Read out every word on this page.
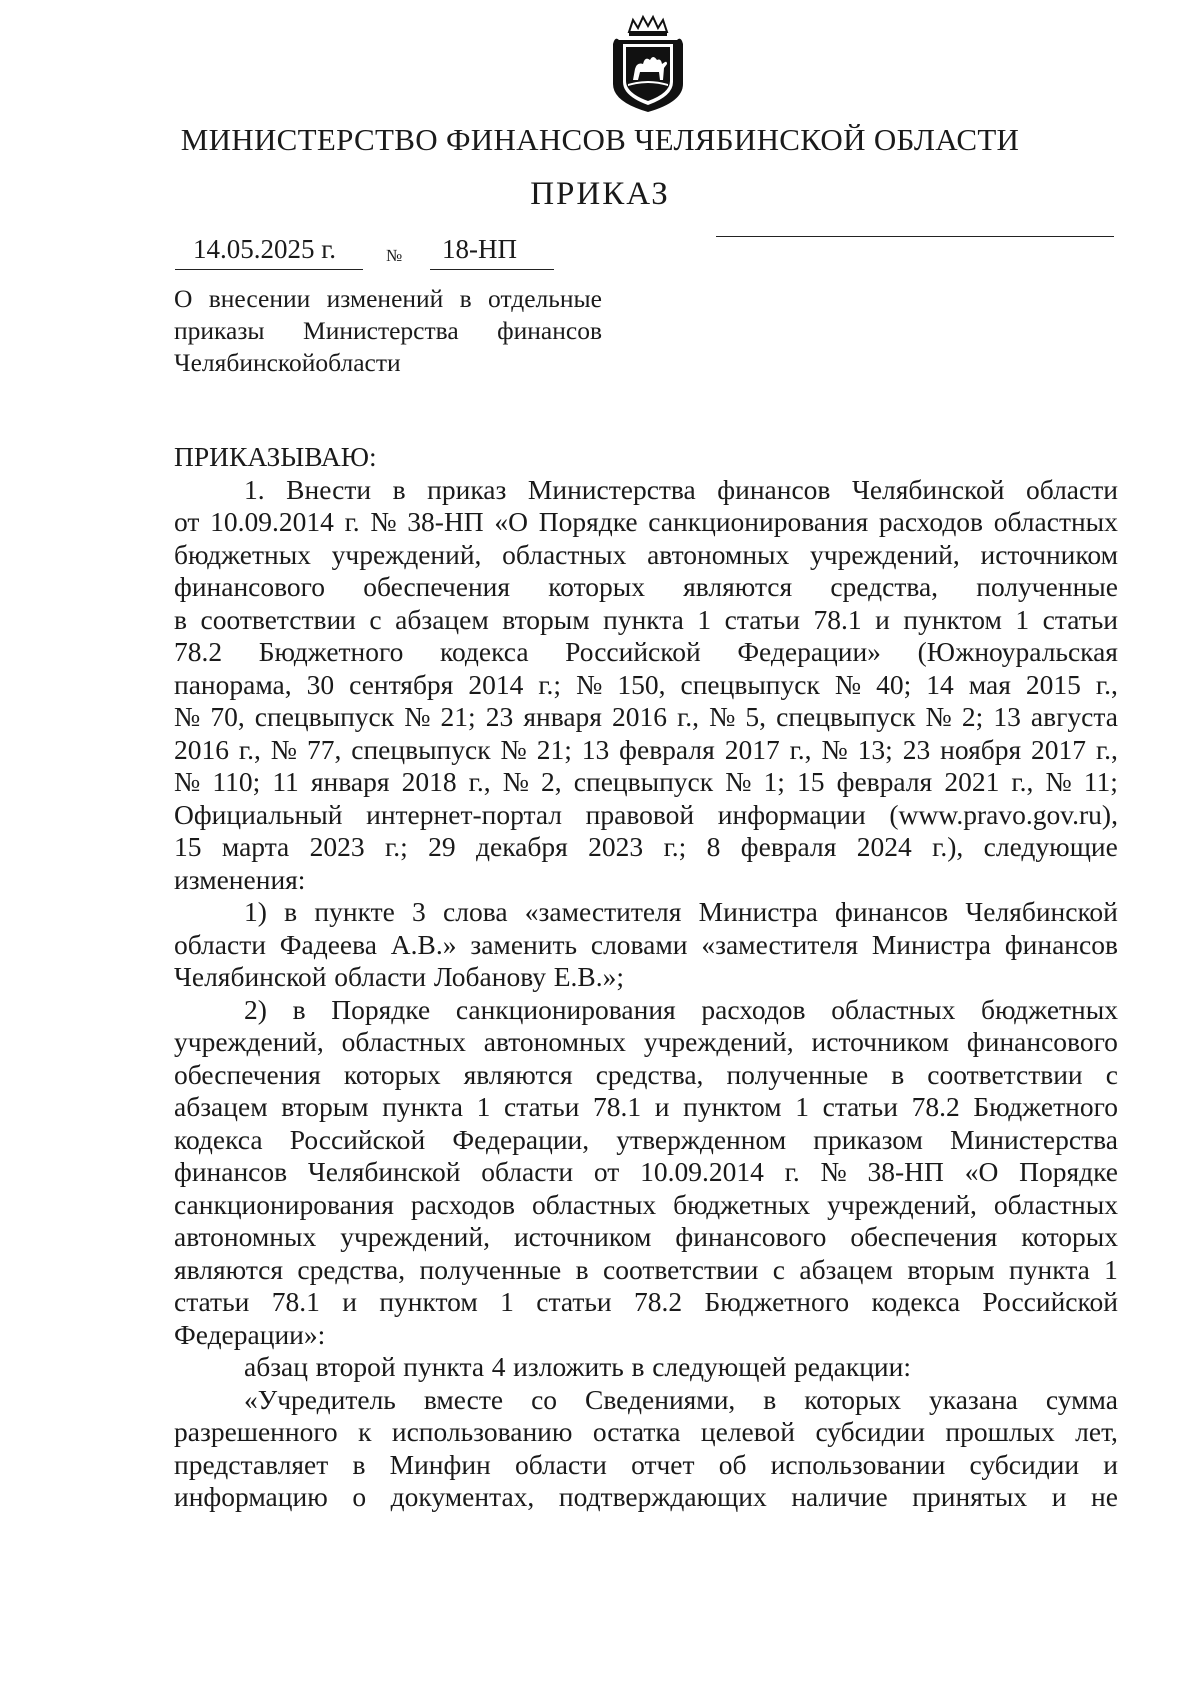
МИНИСТЕРСТВО ФИНАНСОВ ЧЕЛЯБИНСКОЙ ОБЛАСТИ
ПРИКАЗ
14.05.2025 г.	№ 18-НП
О внесении изменений в отдельные
приказы Министерства финансов
Челябинской области
ПРИКАЗЫВАЮ:
1. Внести в приказ Министерства финансов Челябинской области
от 10.09.2014 г. № 38-НП «О Порядке санкционирования расходов областных
бюджетных учреждений, областных автономных учреждений, источником
финансового обеспечения которых являются средства, полученные
в соответствии с абзацем вторым пункта 1 статьи 78.1 и пунктом 1 статьи
78.2 Бюджетного кодекса Российской Федерации» (Южноуральская
панорама, 30 сентября 2014 г.; № 150, спецвыпуск № 40; 14 мая 2015 г.,
№ 70, спецвыпуск № 21; 23 января 2016 г., № 5, спецвыпуск № 2; 13 августа
2016 г., № 77, спецвыпуск № 21; 13 февраля 2017 г., № 13; 23 ноября 2017 г.,
№ 110; 11 января 2018 г., № 2, спецвыпуск № 1; 15 февраля 2021 г., № 11;
Официальный интернет-портал правовой информации (www.pravo.gov.ru),
15 марта 2023 г.; 29 декабря 2023 г.; 8 февраля 2024 г.), следующие
изменения:
1) в пункте 3 слова «заместителя Министра финансов Челябинской
области Фадеева А.В.» заменить словами «заместителя Министра финансов
Челябинской области Лобанову Е.В.»;
2) в Порядке санкционирования расходов областных бюджетных
учреждений, областных автономных учреждений, источником финансового
обеспечения которых являются средства, полученные в соответствии с
абзацем вторым пункта 1 статьи 78.1 и пунктом 1 статьи 78.2 Бюджетного
кодекса Российской Федерации, утвержденном приказом Министерства
финансов Челябинской области от 10.09.2014 г. № 38-НП «О Порядке
санкционирования расходов областных бюджетных учреждений, областных
автономных учреждений, источником финансового обеспечения которых
являются средства, полученные в соответствии с абзацем вторым пункта 1
статьи 78.1 и пунктом 1 статьи 78.2 Бюджетного кодекса Российской
Федерации»:
абзац второй пункта 4 изложить в следующей редакции:
«Учредитель вместе со Сведениями, в которых указана сумма
разрешенного к использованию остатка целевой субсидии прошлых лет,
представляет в Минфин области отчет об использовании субсидии и
информацию о документах, подтверждающих наличие принятых и не
